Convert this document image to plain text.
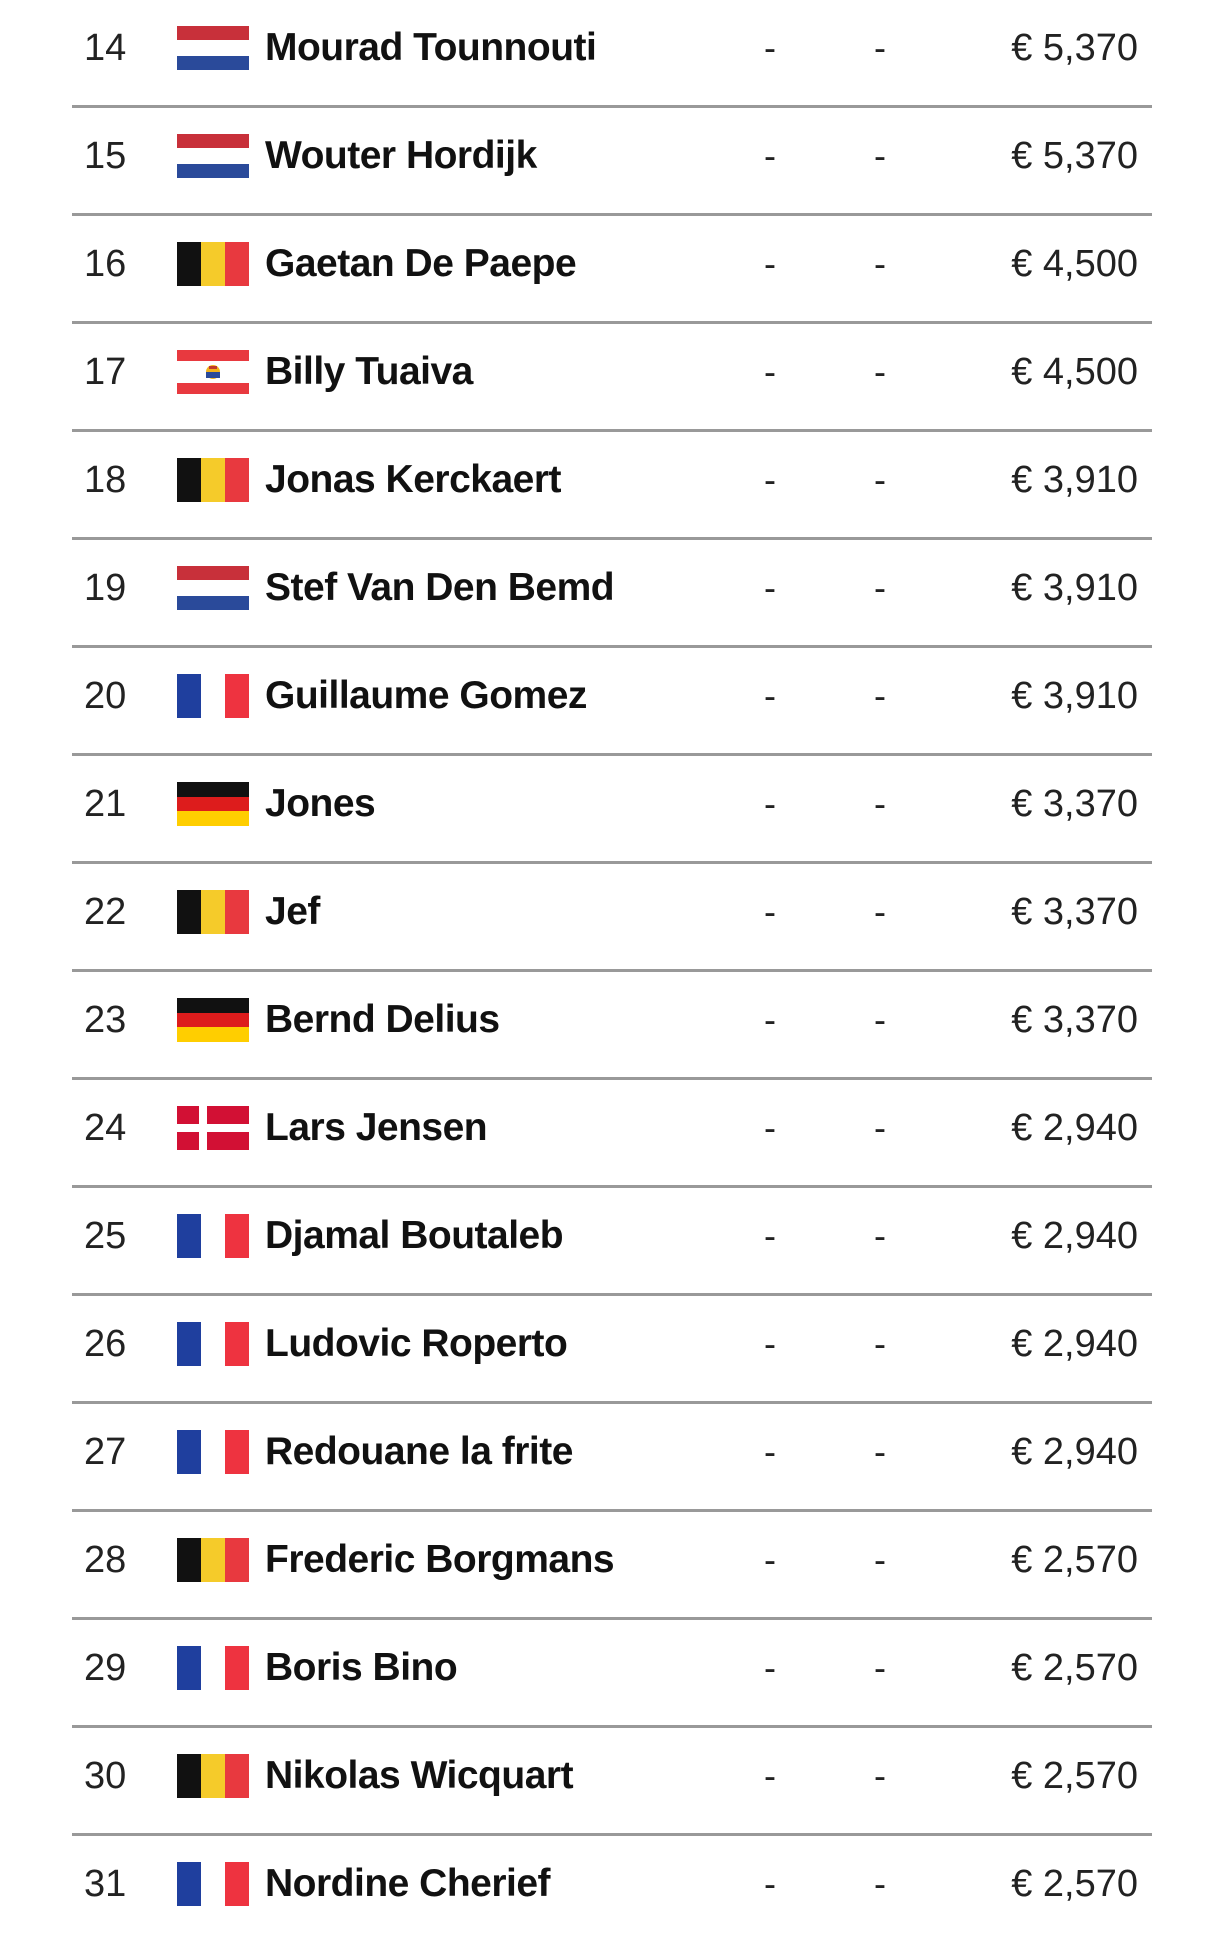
14	Mourad Tounnouti	-	-	€ 5,370
15	Wouter Hordijk	-	-	€ 5,370
16	Gaetan De Paepe	-	-	€ 4,500
17	Billy Tuaiva	-	-	€ 4,500
18	Jonas Kerckaert	-	-	€ 3,910
19	Stef Van Den Bemd	-	-	€ 3,910
20	Guillaume Gomez	-	-	€ 3,910
21	Jones	-	-	€ 3,370
22	Jef	-	-	€ 3,370
23	Bernd Delius	-	-	€ 3,370
24	Lars Jensen	-	-	€ 2,940
25	Djamal Boutaleb	-	-	€ 2,940
26	Ludovic Roperto	-	-	€ 2,940
27	Redouane la frite	-	-	€ 2,940
28	Frederic Borgmans	-	-	€ 2,570
29	Boris Bino	-	-	€ 2,570
30	Nikolas Wicquart	-	-	€ 2,570
31	Nordine Cherief	-	-	€ 2,570
